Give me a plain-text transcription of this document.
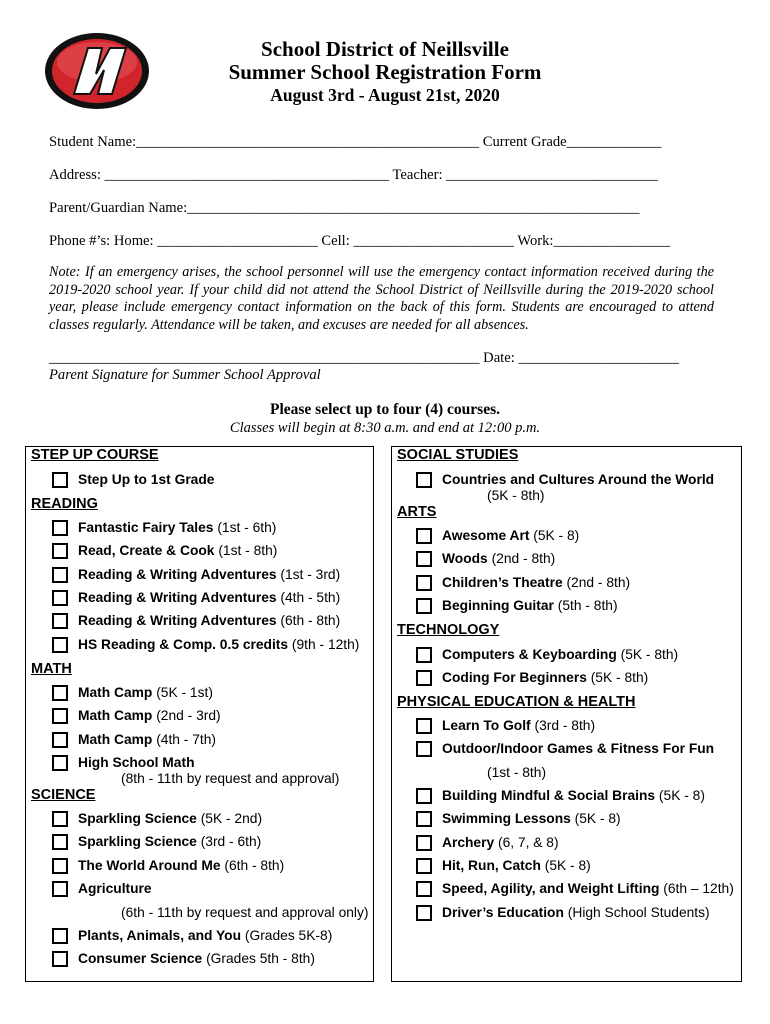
School District of Neillsville
Summer School Registration Form
August 3rd - August 21st, 2020
Student Name:_______________________________________________ Current Grade_____________
Address: _______________________________________ Teacher: _____________________________
Parent/Guardian Name:______________________________________________________________
Phone #’s: Home: ______________________ Cell: ______________________ Work:________________
Note: If an emergency arises, the school personnel will use the emergency contact information received during the 2019-2020 school year. If your child did not attend the School District of Neillsville during the 2019-2020 school year, please include emergency contact information on the back of this form. Students are encouraged to attend classes regularly. Attendance will be taken, and excuses are needed for all absences.
___________________________________________________________ Date: ______________________
Parent Signature for Summer School Approval
Please select up to four (4) courses.
Classes will begin at 8:30 a.m. and end at 12:00 p.m.
STEP UP COURSE
Step Up to 1st Grade
READING
Fantastic Fairy Tales (1st - 6th)
Read, Create & Cook (1st - 8th)
Reading & Writing Adventures (1st - 3rd)
Reading & Writing Adventures (4th - 5th)
Reading & Writing Adventures (6th - 8th)
HS Reading & Comp. 0.5 credits (9th - 12th)
MATH
Math Camp (5K - 1st)
Math Camp (2nd - 3rd)
Math Camp (4th - 7th)
High School Math
(8th - 11th by request and approval)
SCIENCE
Sparkling Science (5K - 2nd)
Sparkling Science (3rd - 6th)
The World Around Me (6th - 8th)
Agriculture
(6th - 11th by request and approval only)
Plants, Animals, and You (Grades 5K-8)
Consumer Science (Grades 5th - 8th)
SOCIAL STUDIES
Countries and Cultures Around the World
(5K - 8th)
ARTS
Awesome Art (5K - 8)
Woods (2nd - 8th)
Children’s Theatre (2nd - 8th)
Beginning Guitar (5th - 8th)
TECHNOLOGY
Computers & Keyboarding (5K - 8th)
Coding For Beginners (5K - 8th)
PHYSICAL EDUCATION & HEALTH
Learn To Golf (3rd - 8th)
Outdoor/Indoor Games & Fitness For Fun
(1st - 8th)
Building Mindful & Social Brains (5K - 8)
Swimming Lessons (5K - 8)
Archery (6, 7, & 8)
Hit, Run, Catch (5K - 8)
Speed, Agility, and Weight Lifting (6th – 12th)
Driver’s Education (High School Students)
